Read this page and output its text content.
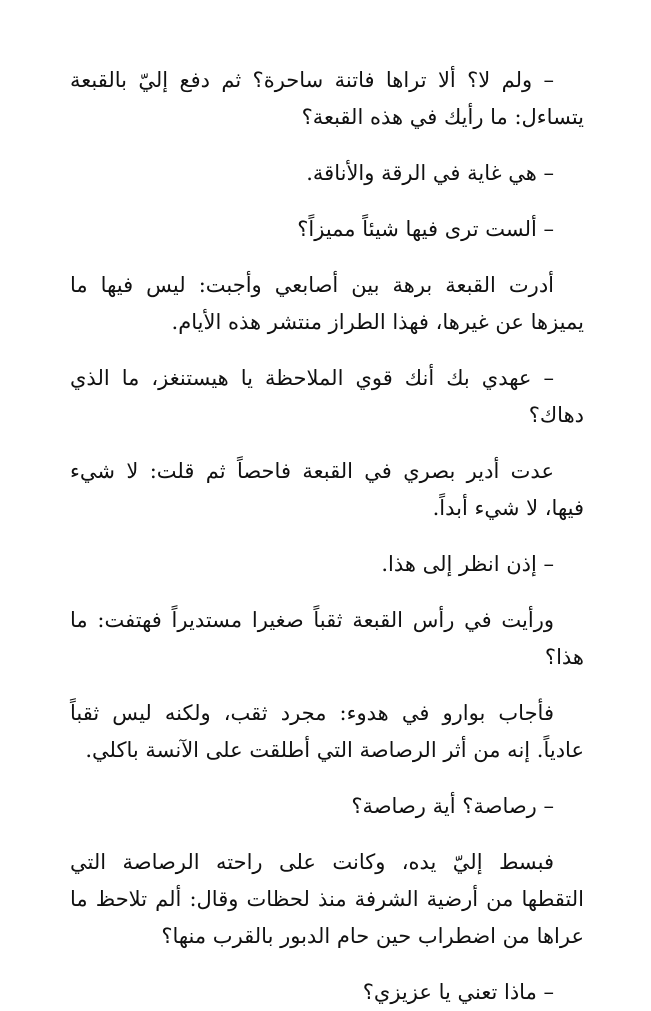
– ولم لا؟ ألا تراها فاتنة ساحرة؟ ثم دفع إليّ بالقبعة يتساءل: ما رأيك في هذه القبعة؟

– هي غاية في الرقة والأناقة.

– ألست ترى فيها شيئاً مميزاً؟

أدرت القبعة برهة بين أصابعي وأجبت: ليس فيها ما يميزها عن غيرها، فهذا الطراز منتشر هذه الأيام.

– عهدي بك أنك قوي الملاحظة يا هيستنغز، ما الذي دهاك؟

عدت أدير بصري في القبعة فاحصاً ثم قلت: لا شيء فيها، لا شيء أبداً.

– إذن انظر إلى هذا.

ورأيت في رأس القبعة ثقباً صغيرا مستديراً فهتفت: ما هذا؟

فأجاب بوارو في هدوء: مجرد ثقب، ولكنه ليس ثقباً عادياً. إنه من أثر الرصاصة التي أطلقت على الآنسة باكلي.

– رصاصة؟ أية رصاصة؟

فبسط إليّ يده، وكانت على راحته الرصاصة التي التقطها من أرضية الشرفة منذ لحظات وقال: ألم تلاحظ ما عراها من اضطراب حين حام الدبور بالقرب منها؟

– ماذا تعني يا عزيزي؟
